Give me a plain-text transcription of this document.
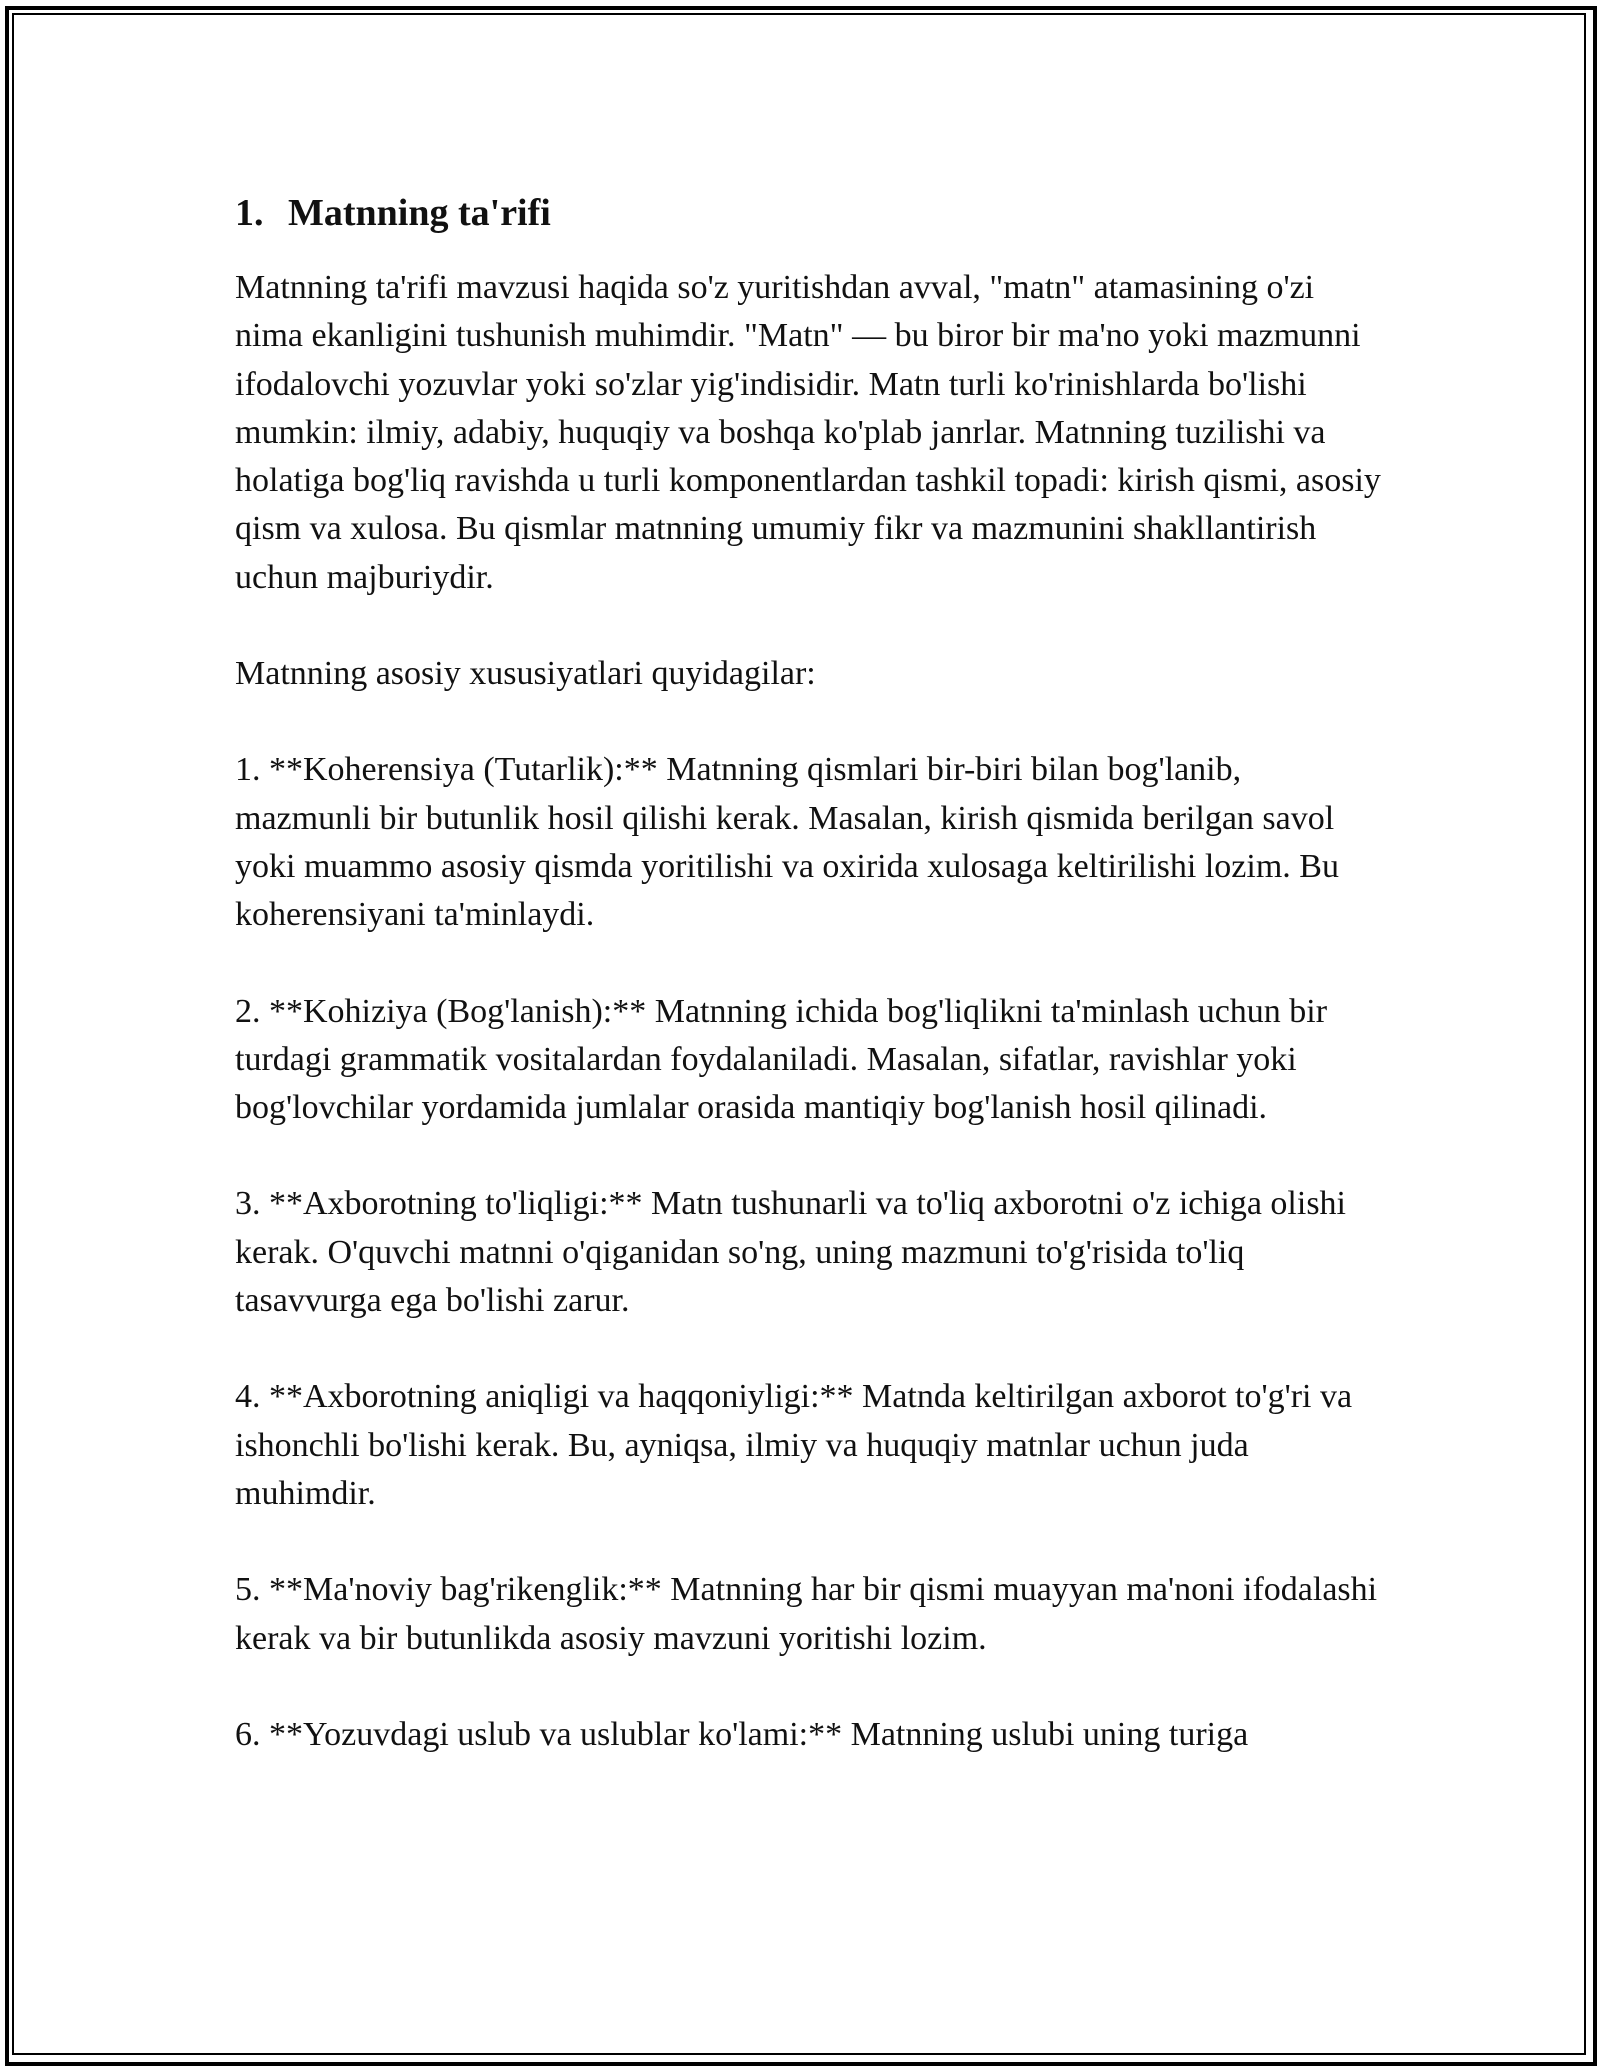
1. Matnning ta'rifi

Matnning ta'rifi mavzusi haqida so'z yuritishdan avval, "matn" atamasining o'zi nima ekanligini tushunish muhimdir. "Matn" — bu biror bir ma'no yoki mazmunni ifodalovchi yozuvlar yoki so'zlar yig'indisidir. Matn turli ko'rinishlarda bo'lishi mumkin: ilmiy, adabiy, huquqiy va boshqa ko'plab janrlar. Matnning tuzilishi va holatiga bog'liq ravishda u turli komponentlardan tashkil topadi: kirish qismi, asosiy qism va xulosa. Bu qismlar matnning umumiy fikr va mazmunini shakllantirish uchun majburiydir.

Matnning asosiy xususiyatlari quyidagilar:

1. **Koherensiya (Tutarlik):** Matnning qismlari bir-biri bilan bog'lanib, mazmunli bir butunlik hosil qilishi kerak. Masalan, kirish qismida berilgan savol yoki muammo asosiy qismda yoritilishi va oxirida xulosaga keltirilishi lozim. Bu koherensiyani ta'minlaydi.

2. **Kohiziya (Bog'lanish):** Matnning ichida bog'liqlikni ta'minlash uchun bir turdagi grammatik vositalardan foydalaniladi. Masalan, sifatlar, ravishlar yoki bog'lovchilar yordamida jumlalar orasida mantiqiy bog'lanish hosil qilinadi.

3. **Axborotning to'liqligi:** Matn tushunarli va to'liq axborotni o'z ichiga olishi kerak. O'quvchi matnni o'qiganidan so'ng, uning mazmuni to'g'risida to'liq tasavvurga ega bo'lishi zarur.

4. **Axborotning aniqligi va haqqoniyligi:** Matnda keltirilgan axborot to'g'ri va ishonchli bo'lishi kerak. Bu, ayniqsa, ilmiy va huquqiy matnlar uchun juda muhimdir.

5. **Ma'noviy bag'rikenglik:** Matnning har bir qismi muayyan ma'noni ifodalashi kerak va bir butunlikda asosiy mavzuni yoritishi lozim.

6. **Yozuvdagi uslub va uslublar ko'lami:** Matnning uslubi uning turiga
